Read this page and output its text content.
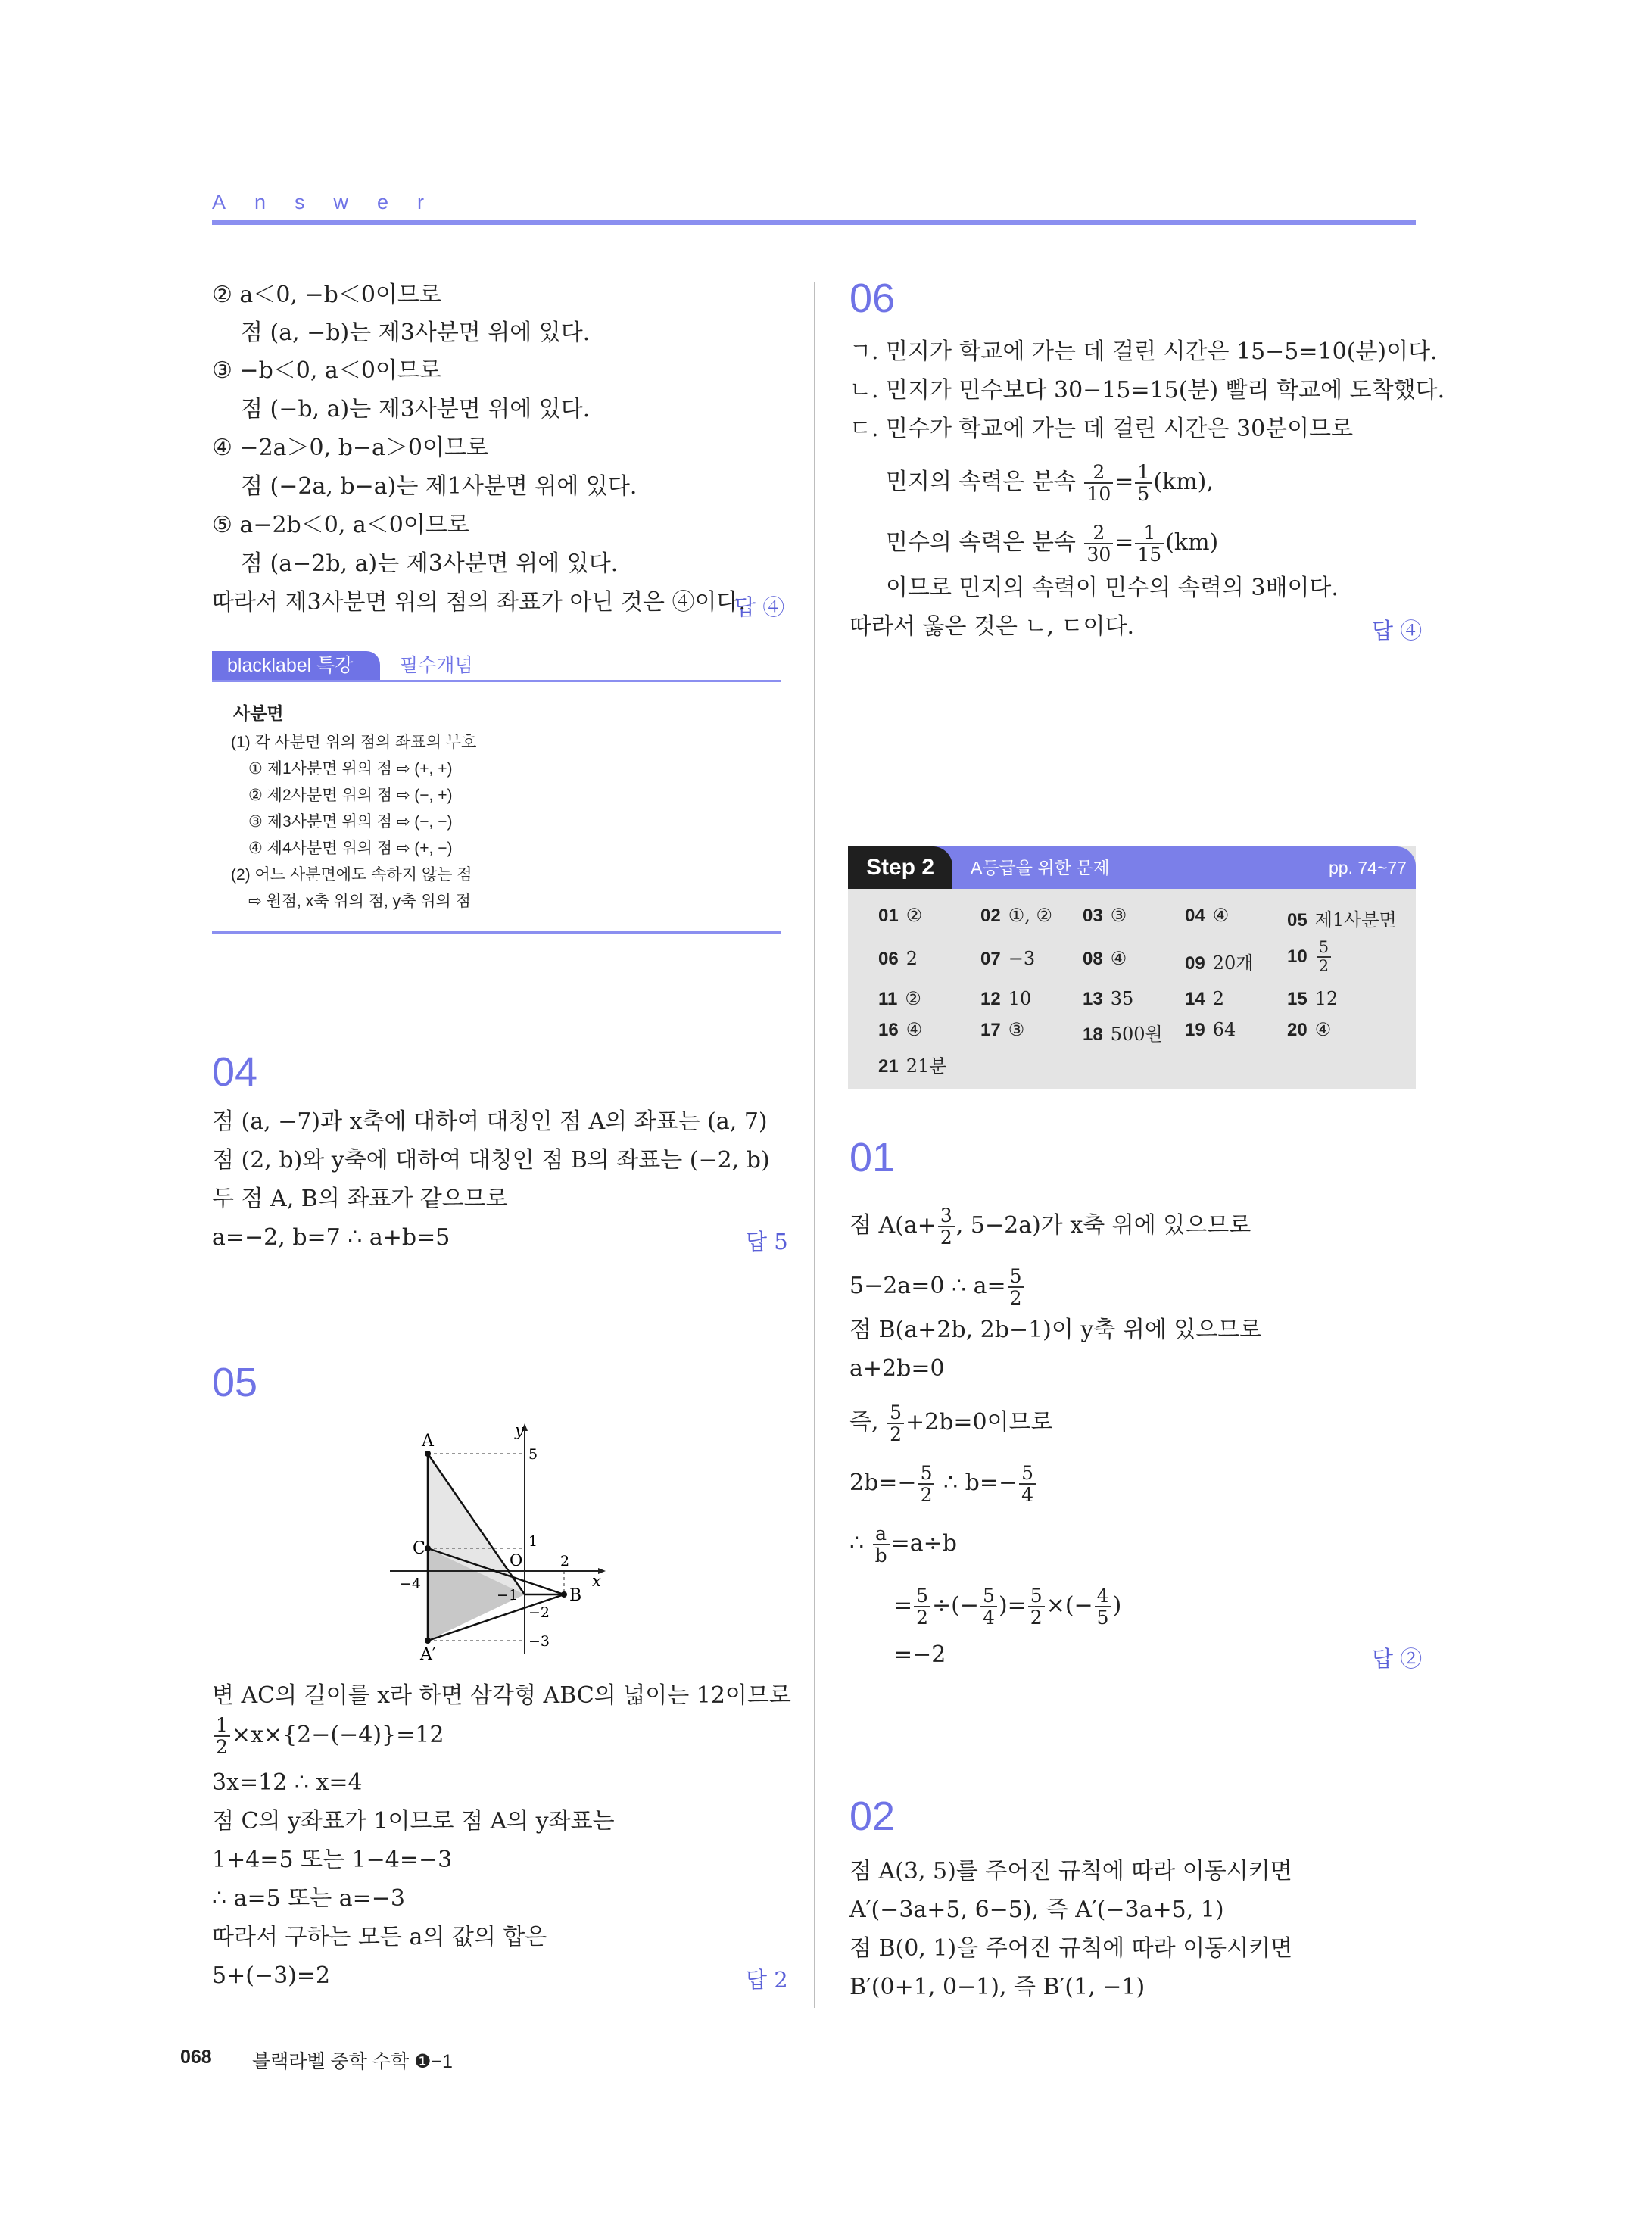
Answer
② a＜0, −b＜0이므로
점 (a, −b)는 제3사분면 위에 있다.
③ −b＜0, a＜0이므로
점 (−b, a)는 제3사분면 위에 있다.
④ −2a＞0, b−a＞0이므로
점 (−2a, b−a)는 제1사분면 위에 있다.
⑤ a−2b＜0, a＜0이므로
점 (a−2b, a)는 제3사분면 위에 있다.
따라서 제3사분면 위의 점의 좌표가 아닌 것은 ④이다.
답 ④
blacklabel 특강	필수개념
사분면
(1) 각 사분면 위의 점의 좌표의 부호
① 제1사분면 위의 점 ⇨ (+, +)
② 제2사분면 위의 점 ⇨ (−, +)
③ 제3사분면 위의 점 ⇨ (−, −)
④ 제4사분면 위의 점 ⇨ (+, −)
(2) 어느 사분면에도 속하지 않는 점
⇨ 원점, x축 위의 점, y축 위의 점
04
점 (a, −7)과 x축에 대하여 대칭인 점 A의 좌표는 (a, 7)
점 (2, b)와 y축에 대하여 대칭인 점 B의 좌표는 (−2, b)
두 점 A, B의 좌표가 같으므로
a=−2, b=7 ∴ a+b=5	답 5
05
A
C
A′
B
O
x
y
5
1
2
−4
−1
−2
−3
변 AC의 길이를 x라 하면 삼각형 ABC의 넓이는 12이므로
$\frac{1}{2} \times x\times\{2-(-4)\}=12$
3x=12 ∴ x=4
점 C의 y좌표가 1이므로 점 A의 y좌표는
1+4=5 또는 1−4=−3
∴ a=5 또는 a=−3
따라서 구하는 모든 a의 값의 합은
5+(−3)=2	답 2
06
ㄱ. 민지가 학교에 가는 데 걸린 시간은 15−5=10(분)이다.
ㄴ. 민지가 민수보다 30−15=15(분) 빨리 학교에 도착했다.
ㄷ. 민수가 학교에 가는 데 걸린 시간은 30분이므로
민지의 속력은 분속 $\frac{2}{10} = \frac{1}{5} (km)$,
민수의 속력은 분속 $\frac{2}{30} = \frac{1}{15} (km)$
이므로 민지의 속력이 민수의 속력의 3배이다.
따라서 옳은 것은 ㄴ, ㄷ이다.	답 ④
Step 2	A등급을 위한 문제	pp. 74~77
01 ②	02 ①, ② 03 ③	04 ④	05 제1사분면
06 2	07 −3	08 ④	09 20개 $10 \frac{5}{2}$
11 ②	12 10	13 35	14 2	15 12
16 ④	17 ③	18 500원 19 64	20 ④
21 21분
01
점 $A(a+ \frac{3}{2}$ , 5−2a)가 x축 위에 있으므로
5−2a=0 ∴ $a= \frac{5}{2}$
점 B(a+2b, 2b−1)이 y축 위에 있으므로
a+2b=0
즉, $\frac{5}{2} +2b=0$이므로
$2b=- \frac{5}{2}$ ∴ $b=- \frac{5}{4}$
∴ $\frac{a}{b} =a\div b$
= $\frac{5}{2}$ ÷(− $\frac{5}{4}$ )= $\frac{5}{2}$ ×(− $\frac{4}{5}$ )
=−2	답 ②
02
점 A(3, 5)를 주어진 규칙에 따라 이동시키면
A′(−3a+5, 6−5), 즉 A′(−3a+5, 1)
점 B(0, 1)을 주어진 규칙에 따라 이동시키면
B′(0+1, 0−1), 즉 B′(1, −1)
068 블랙라벨 중학 수학 ❶−1
